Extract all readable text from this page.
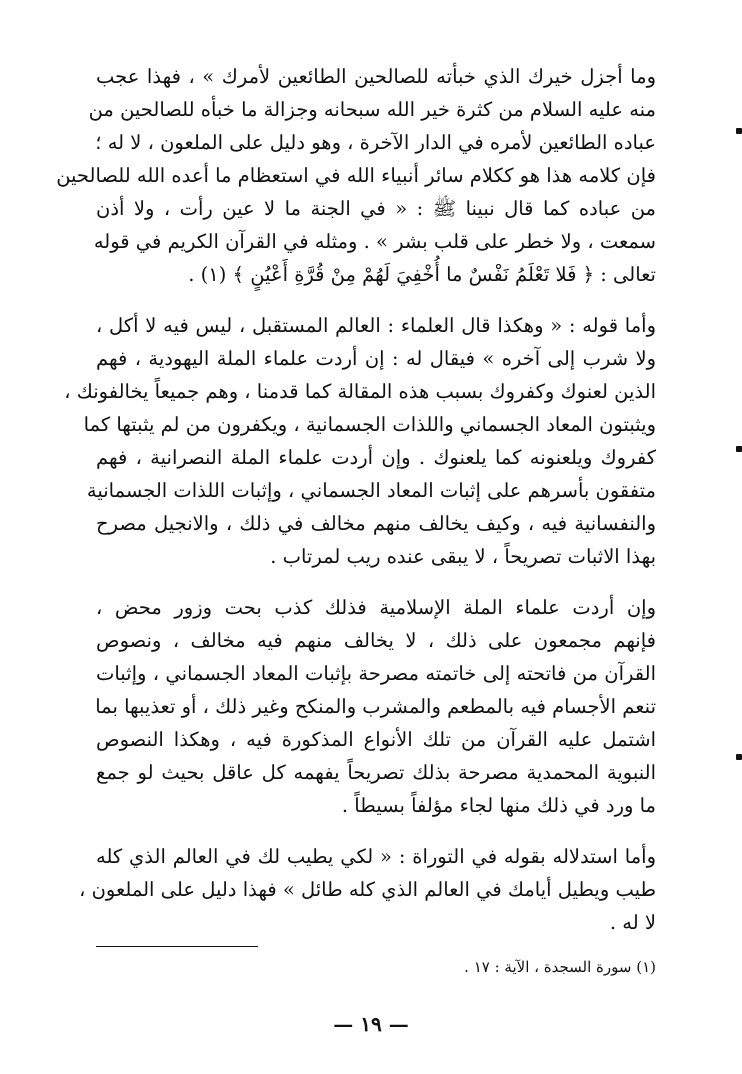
وما أجزل خيرك الذي خبأته للصالحين الطائعين لأمرك » ، فهذا عجب
منه عليه السلام من كثرة خير الله سبحانه وجزالة ما خبأه للصالحين من
عباده الطائعين لأمره في الدار الآخرة ، وهو دليل على الملعون ، لا له ؛
فإن كلامه هذا هو ككلام سائر أنبياء الله في استعظام ما أعده الله للصالحين
من عباده كما قال نبينا ﷺ : « في الجنة ما لا عين رأت ، ولا أذن
سمعت ، ولا خطر على قلب بشر » . ومثله في القرآن الكريم في قوله
تعالى : ﴿ فَلا تَعْلَمُ نَفْسٌ ما أُخْفِيَ لَهُمْ مِنْ قُرَّةِ أَعْيُنٍ ﴾ (١) .
وأما قوله : « وهكذا قال العلماء : العالم المستقبل ، ليس فيه لا أكل ،
ولا شرب إلى آخره » فيقال له : إن أردت علماء الملة اليهودية ، فهم
الذين لعنوك وكفروك بسبب هذه المقالة كما قدمنا ، وهم جميعاً يخالفونك ،
ويثبتون المعاد الجسماني واللذات الجسمانية ، ويكفرون من لم يثبتها كما
كفروك ويلعنونه كما يلعنوك . وإن أردت علماء الملة النصرانية ، فهم
متفقون بأسرهم على إثبات المعاد الجسماني ، وإثبات اللذات الجسمانية
والنفسانية فيه ، وكيف يخالف منهم مخالف في ذلك ، والانجيل مصرح
بهذا الاثبات تصريحاً ، لا يبقى عنده ريب لمرتاب .
وإن أردت علماء الملة الإسلامية فذلك كذب بحت وزور محض ،
فإنهم مجمعون على ذلك ، لا يخالف منهم فيه مخالف ، ونصوص
القرآن من فاتحته إلى خاتمته مصرحة بإثبات المعاد الجسماني ، وإثبات
تنعم الأجسام فيه بالمطعم والمشرب والمنكح وغير ذلك ، أو تعذيبها بما
اشتمل عليه القرآن من تلك الأنواع المذكورة فيه ، وهكذا النصوص
النبوية المحمدية مصرحة بذلك تصريحاً يفهمه كل عاقل بحيث لو جمع
ما ورد في ذلك منها لجاء مؤلفاً بسيطاً .
وأما استدلاله بقوله في التوراة : « لكي يطيب لك في العالم الذي كله
طيب ويطيل أيامك في العالم الذي كله طائل » فهذا دليل على الملعون ،
لا له .
(١) سورة السجدة ، الآية : ١٧ .
— ١٩ —
